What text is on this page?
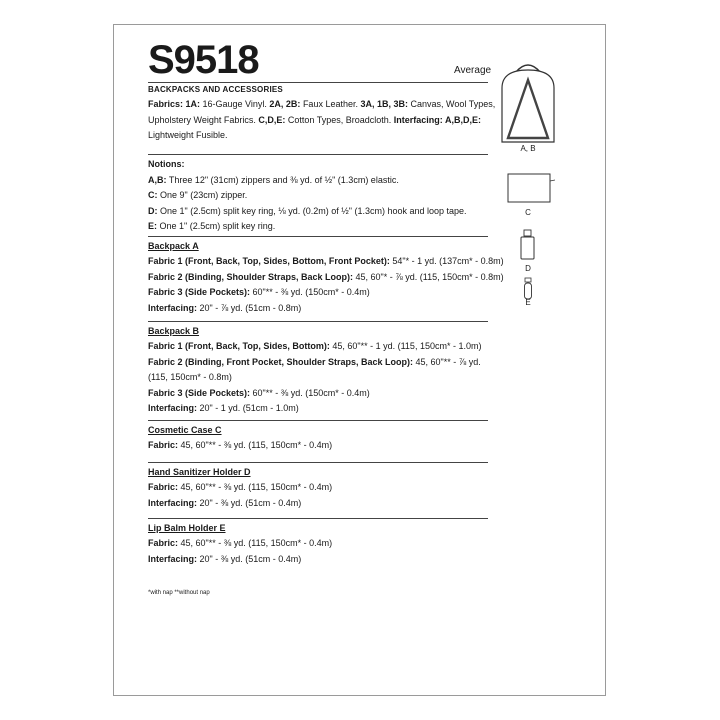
S9518	Average
BACKPACKS AND ACCESSORIES

Fabrics: 1A: 16-Gauge Vinyl. 2A, 2B: Faux Leather. 3A, 1B, 3B: Canvas, Wool Types,

Upholstery Weight Fabrics. C,D,E: Cotton Types, Broadcloth. Interfacing: A,B,D,E:

Lightweight Fusible.

Notions:

A,B: Three 12" (31cm) zippers and ⅜ yd. of ½" (1.3cm) elastic.

C: One 9" (23cm) zipper.

D: One 1" (2.5cm) split key ring, ⅛ yd. (0.2m) of ½" (1.3cm) hook and loop tape.

E: One 1" (2.5cm) split key ring.

Backpack A

Fabric 1 (Front, Back, Top, Sides, Bottom, Front Pocket): 54"* - 1 yd. (137cm* - 0.8m)

Fabric 2 (Binding, Shoulder Straps, Back Loop): 45, 60"* - ⅞ yd. (115, 150cm* - 0.8m)

Fabric 3 (Side Pockets): 60"** - ⅜ yd. (150cm* - 0.4m)

Interfacing: 20" - ⅞ yd. (51cm - 0.8m)

Backpack B

Fabric 1 (Front, Back, Top, Sides, Bottom): 45, 60"** - 1 yd. (115, 150cm* - 1.0m)

Fabric 2 (Binding, Front Pocket, Shoulder Straps, Back Loop): 45, 60"** - ⅞ yd.

(115, 150cm* - 0.8m)

Fabric 3 (Side Pockets): 60"** - ⅜ yd. (150cm* - 0.4m)

Interfacing: 20" - 1 yd. (51cm - 1.0m)

Cosmetic Case C

Fabric: 45, 60"** - ⅜ yd. (115, 150cm* - 0.4m)

Hand Sanitizer Holder D

Fabric: 45, 60"** - ⅜ yd. (115, 150cm* - 0.4m)

Interfacing: 20" - ⅜ yd. (51cm - 0.4m)

Lip Balm Holder E

Fabric: 45, 60"** - ⅜ yd. (115, 150cm* - 0.4m)

Interfacing: 20" - ⅜ yd. (51cm - 0.4m)

*with nap **without nap
A, B
C
D
E
